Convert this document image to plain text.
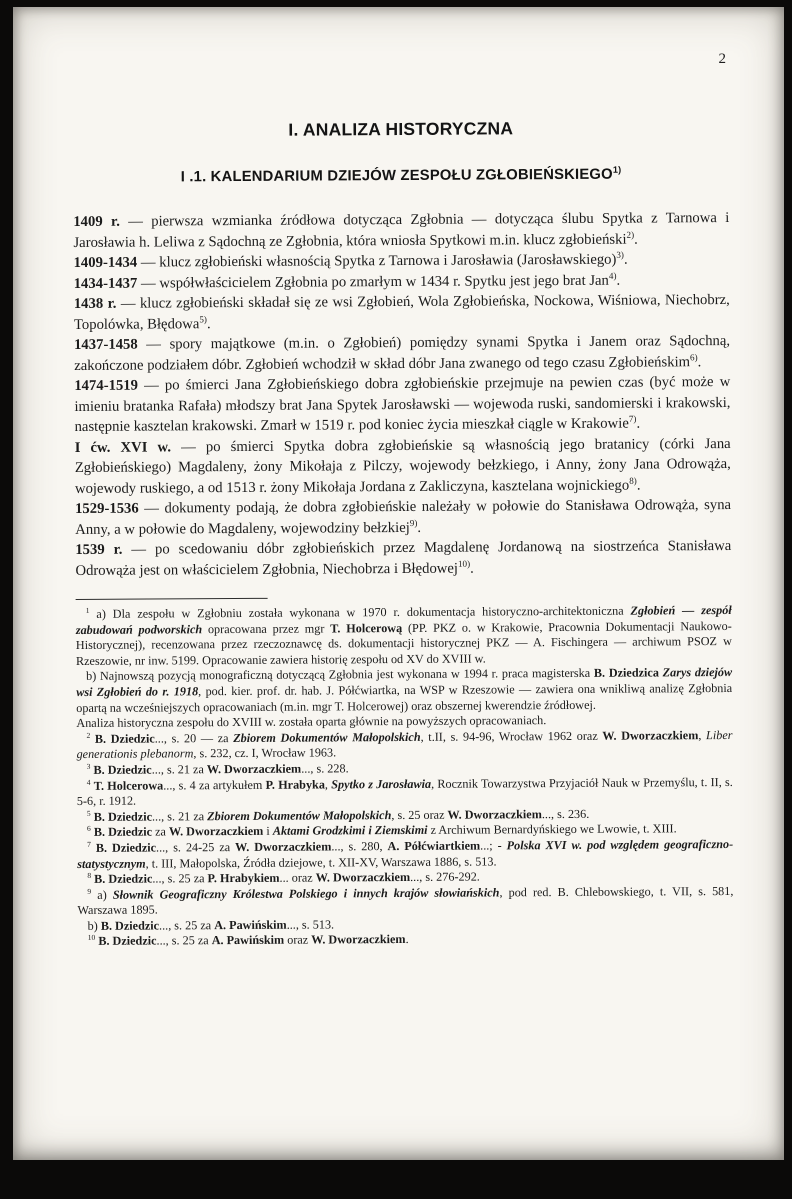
2
I. ANALIZA HISTORYCZNA
I .1. KALENDARIUM DZIEJÓW ZESPOŁU ZGŁOBIEŃSKIEGO$^{1)}$

1409 r. — pierwsza wzmianka źródłowa dotycząca Zgłobnia — dotycząca ślubu Spytka z Tarnowa i Jarosławia h. Leliwa z Sądochną ze Zgłobnia, która wniosła Spytkowi m.in. klucz zgłobieński$^{2)}$.

1409-1434 — klucz zgłobieński własnością Spytka z Tarnowa i Jarosławia (Jarosławskiego)$^{3)}$.

1434-1437 — współwłaścicielem Zgłobnia po zmarłym w 1434 r. Spytku jest jego brat Jan$^{4)}$.

1438 r. — klucz zgłobieński składał się ze wsi Zgłobień, Wola Zgłobieńska, Nockowa, Wiśniowa, Niechobrz, Topolówka, Błędowa$^{5)}$.

1437-1458 — spory majątkowe (m.in. o Zgłobień) pomiędzy synami Spytka i Janem oraz Sądochną, zakończone podziałem dóbr. Zgłobień wchodził w skład dóbr Jana zwanego od tego czasu Zgłobieńskim$^{6)}$.

1474-1519 — po śmierci Jana Zgłobieńskiego dobra zgłobieńskie przejmuje na pewien czas (być może w imieniu bratanka Rafała) młodszy brat Jana Spytek Jarosławski — wojewoda ruski, sandomierski i krakowski, następnie kasztelan krakowski. Zmarł w 1519 r. pod koniec życia mieszkał ciągle w Krakowie$^{7)}$.

I ćw. XVI w. — po śmierci Spytka dobra zgłobieńskie są własnością jego bratanicy (córki Jana Zgłobieńskiego) Magdaleny, żony Mikołaja z Pilczy, wojewody bełzkiego, i Anny, żony Jana Odrowąża, wojewody ruskiego, a od 1513 r. żony Mikołaja Jordana z Zakliczyna, kasztelana wojnickiego$^{8)}$.

1529-1536 — dokumenty podają, że dobra zgłobieńskie należały w połowie do Stanisława Odrowąża, syna Anny, a w połowie do Magdaleny, wojewodziny bełzkiej$^{9)}$.

1539 r. — po scedowaniu dóbr zgłobieńskich przez Magdalenę Jordanową na siostrzeńca Stanisława Odrowąża jest on właścicielem Zgłobnia, Niechobrza i Błędowej$^{10)}$.

$^1$ a) Dla zespołu w Zgłobniu została wykonana w 1970 r. dokumentacja historyczno-architektoniczna Zgłobień — zespół zabudowań podworskich opracowana przez mgr T. Holcerową (PP. PKZ o. w Krakowie, Pracownia Dokumentacji Naukowo-Historycznej), recenzowana przez rzeczoznawcę ds. dokumentacji historycznej PKZ — A. Fischingera — archiwum PSOZ w Rzeszowie, nr inw. 5199. Opracowanie zawiera historię zespołu od XV do XVIII w.

b) Najnowszą pozycją monograficzną dotyczącą Zgłobnia jest wykonana w 1994 r. praca magisterska B. Dziedzica Zarys dziejów wsi Zgłobień do r. 1918, pod. kier. prof. dr. hab. J. Półćwiartka, na WSP w Rzeszowie — zawiera ona wnikliwą analizę Zgłobnia opartą na wcześniejszych opracowaniach (m.in. mgr T. Holcerowej) oraz obszernej kwerendzie źródłowej.

Analiza historyczna zespołu do XVIII w. została oparta głównie na powyższych opracowaniach.

$^2$ B. Dziedzic..., s. 20 — za Zbiorem Dokumentów Małopolskich, t.II, s. 94-96, Wrocław 1962 oraz W. Dworzaczkiem, Liber generationis plebanorm, s. 232, cz. I, Wrocław 1963.

$^3$ B. Dziedzic..., s. 21 za W. Dworzaczkiem..., s. 228.

$^4$ T. Holcerowa..., s. 4 za artykułem P. Hrabyka, Spytko z Jarosławia, Rocznik Towarzystwa Przyjaciół Nauk w Przemyślu, t. II, s. 5-6, r. 1912.

$^5$ B. Dziedzic..., s. 21 za Zbiorem Dokumentów Małopolskich, s. 25 oraz W. Dworzaczkiem..., s. 236.

$^6$ B. Dziedzic za W. Dworzaczkiem i Aktami Grodzkimi i Ziemskimi z Archiwum Bernardyńskiego we Lwowie, t. XIII.

$^7$ B. Dziedzic..., s. 24-25 za W. Dworzaczkiem..., s. 280, A. Półćwiartkiem...; - Polska XVI w. pod względem geograficzno-statystycznym, t. III, Małopolska, Źródła dziejowe, t. XII-XV, Warszawa 1886, s. 513.

$^8$ B. Dziedzic..., s. 25 za P. Hrabykiem... oraz W. Dworzaczkiem..., s. 276-292.

$^9$ a) Słownik Geograficzny Królestwa Polskiego i innych krajów słowiańskich, pod red. B. Chlebowskiego, t. VII, s. 581, Warszawa 1895.

b) B. Dziedzic..., s. 25 za A. Pawińskim..., s. 513.

$^{10}$ B. Dziedzic..., s. 25 za A. Pawińskim oraz W. Dworzaczkiem.
